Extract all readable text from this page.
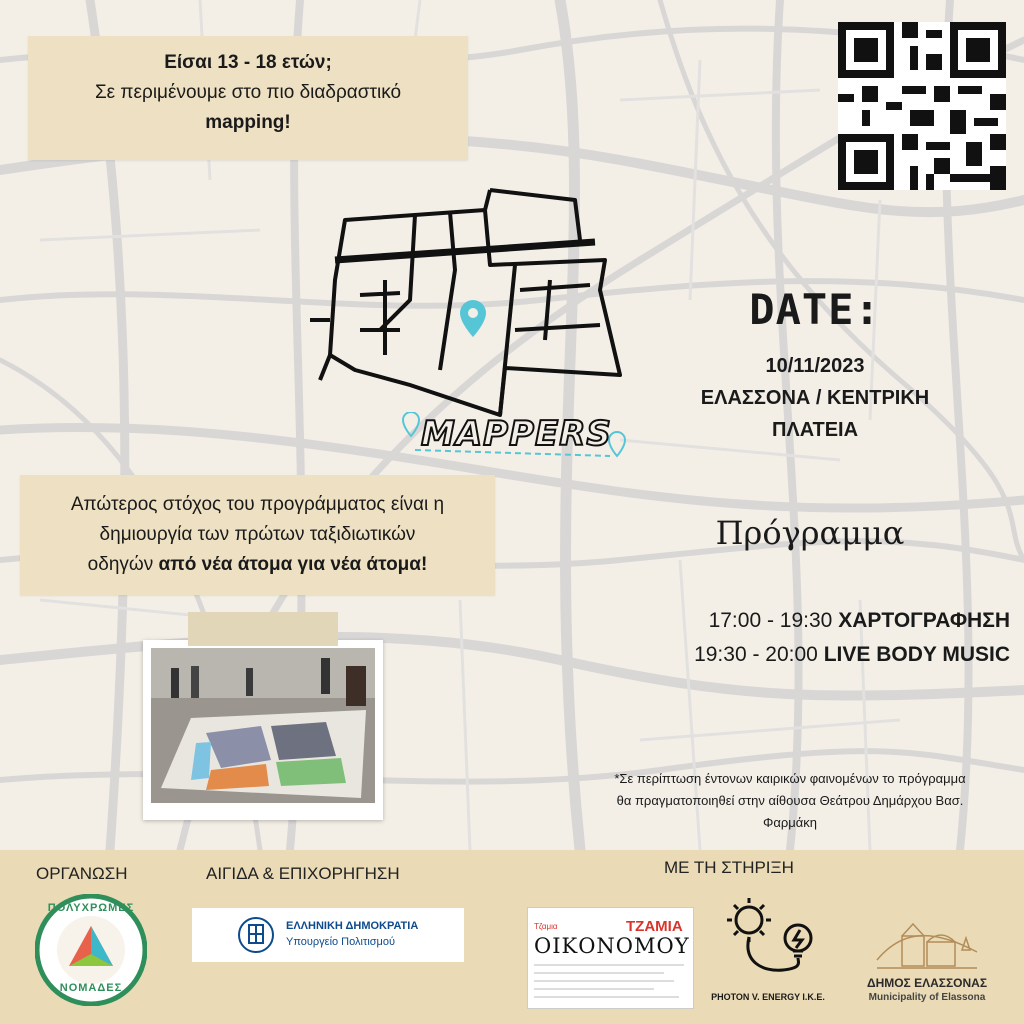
Είσαι 13 - 18 ετών;
Σε περιμένουμε στο πιο διαδραστικό
mapping!
MAPPERS
Απώτερος στόχος του προγράμματος είναι η
δημιουργία των πρώτων ταξιδιωτικών
οδηγών από νέα άτομα για νέα άτομα!
DATE:
10/11/2023
ΕΛΑΣΣΟΝΑ / ΚΕΝΤΡΙΚΗ
ΠΛΑΤΕΙΑ
Πρόγραμμα
17:00 - 19:30 ΧΑΡΤΟΓΡΑΦΗΣΗ
19:30 - 20:00 LIVE BODY MUSIC
*Σε περίπτωση έντονων καιρικών φαινομένων το πρόγραμμα
θα πραγματοποιηθεί στην αίθουσα Θεάτρου Δημάρχου Βασ.
Φαρμάκη
ΟΡΓΑΝΩΣΗ	ΑΙΓΙΔΑ & ΕΠΙΧΟΡΗΓΗΣΗ	ΜΕ ΤΗ ΣΤΗΡΙΞΗ
ΠΟΛΥΧΡΩΜΕΣ
ΝΟΜΑΔΕΣ
ΕΛΛΗΝΙΚΗ ΔΗΜΟΚΡΑΤΙΑ
Υπουργείο Πολιτισμού
Τζαμια	ΤΖΑΜΙΑ
ΟΙΚΟΝΟΜΟΥ
PHOTON V. ENERGY I.K.E.
ΔΗΜΟΣ ΕΛΑΣΣΟΝΑΣ
Municipality of Elassona
